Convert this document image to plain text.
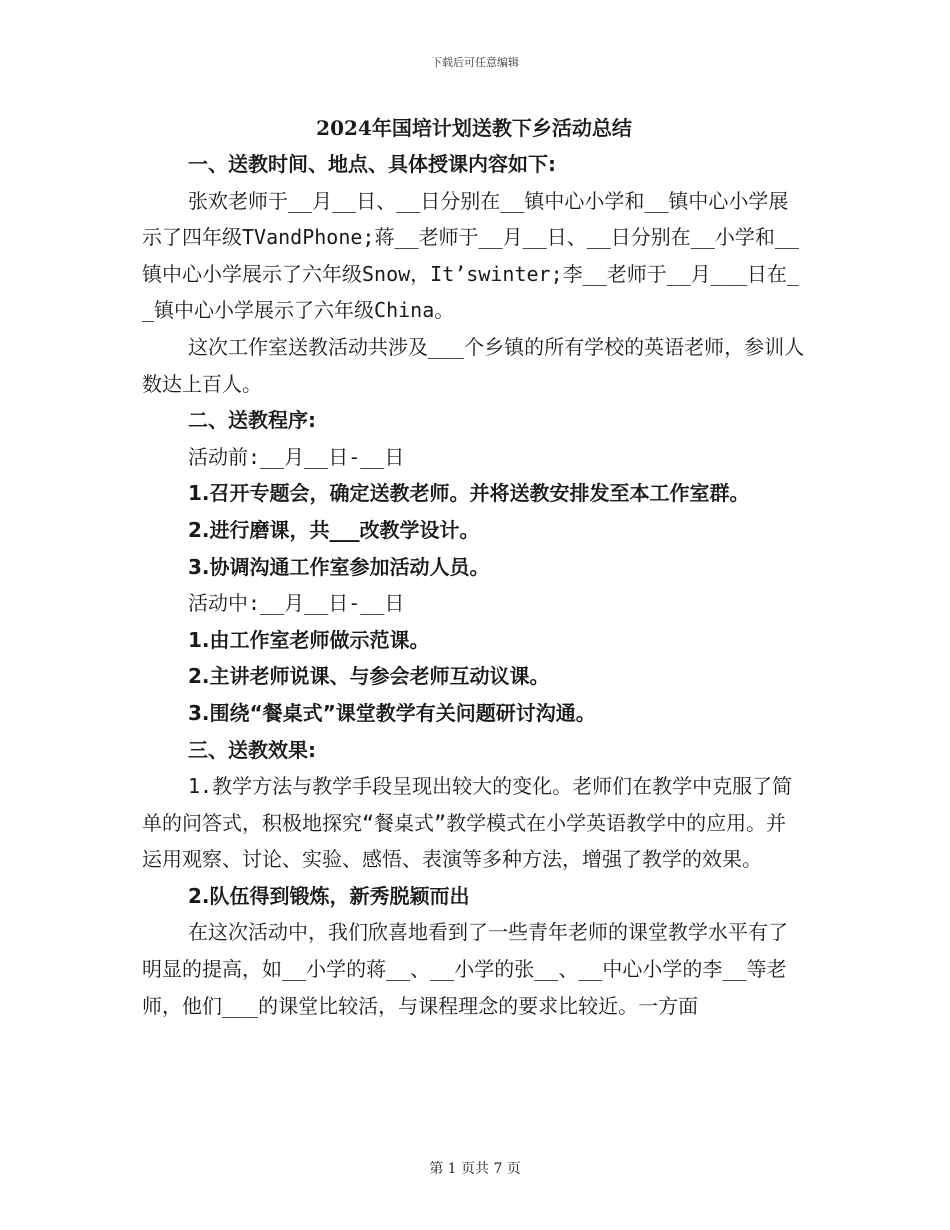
下载后可任意编辑

2024年国培计划送教下乡活动总结

一、送教时间、地点、具体授课内容如下:

张欢老师于__月__日、__日分别在__镇中心小学和__镇中心小学展示了四年级TVandPhone;蒋__老师于__月__日、__日分别在__小学和__镇中心小学展示了六年级Snow，It’swinter;李__老师于__月___日在__镇中心小学展示了六年级China。

这次工作室送教活动共涉及___个乡镇的所有学校的英语老师，参训人数达上百人。

二、送教程序:

活动前:__月__日-__日

1.召开专题会，确定送教老师。并将送教安排发至本工作室群。

2.进行磨课，共___改教学设计。

3.协调沟通工作室参加活动人员。

活动中:__月__日-__日

1.由工作室老师做示范课。

2.主讲老师说课、与参会老师互动议课。

3.围绕“餐桌式”课堂教学有关问题研讨沟通。

三、送教效果:

1.教学方法与教学手段呈现出较大的变化。老师们在教学中克服了简单的问答式，积极地探究“餐桌式”教学模式在小学英语教学中的应用。并运用观察、讨论、实验、感悟、表演等多种方法，增强了教学的效果。

2.队伍得到锻炼，新秀脱颖而出

在这次活动中，我们欣喜地看到了一些青年老师的课堂教学水平有了明显的提高，如__小学的蒋__、__小学的张__、__中心小学的李__等老师，他们___的课堂比较活，与课程理念的要求比较近。一方面

第 1 页共 7 页
